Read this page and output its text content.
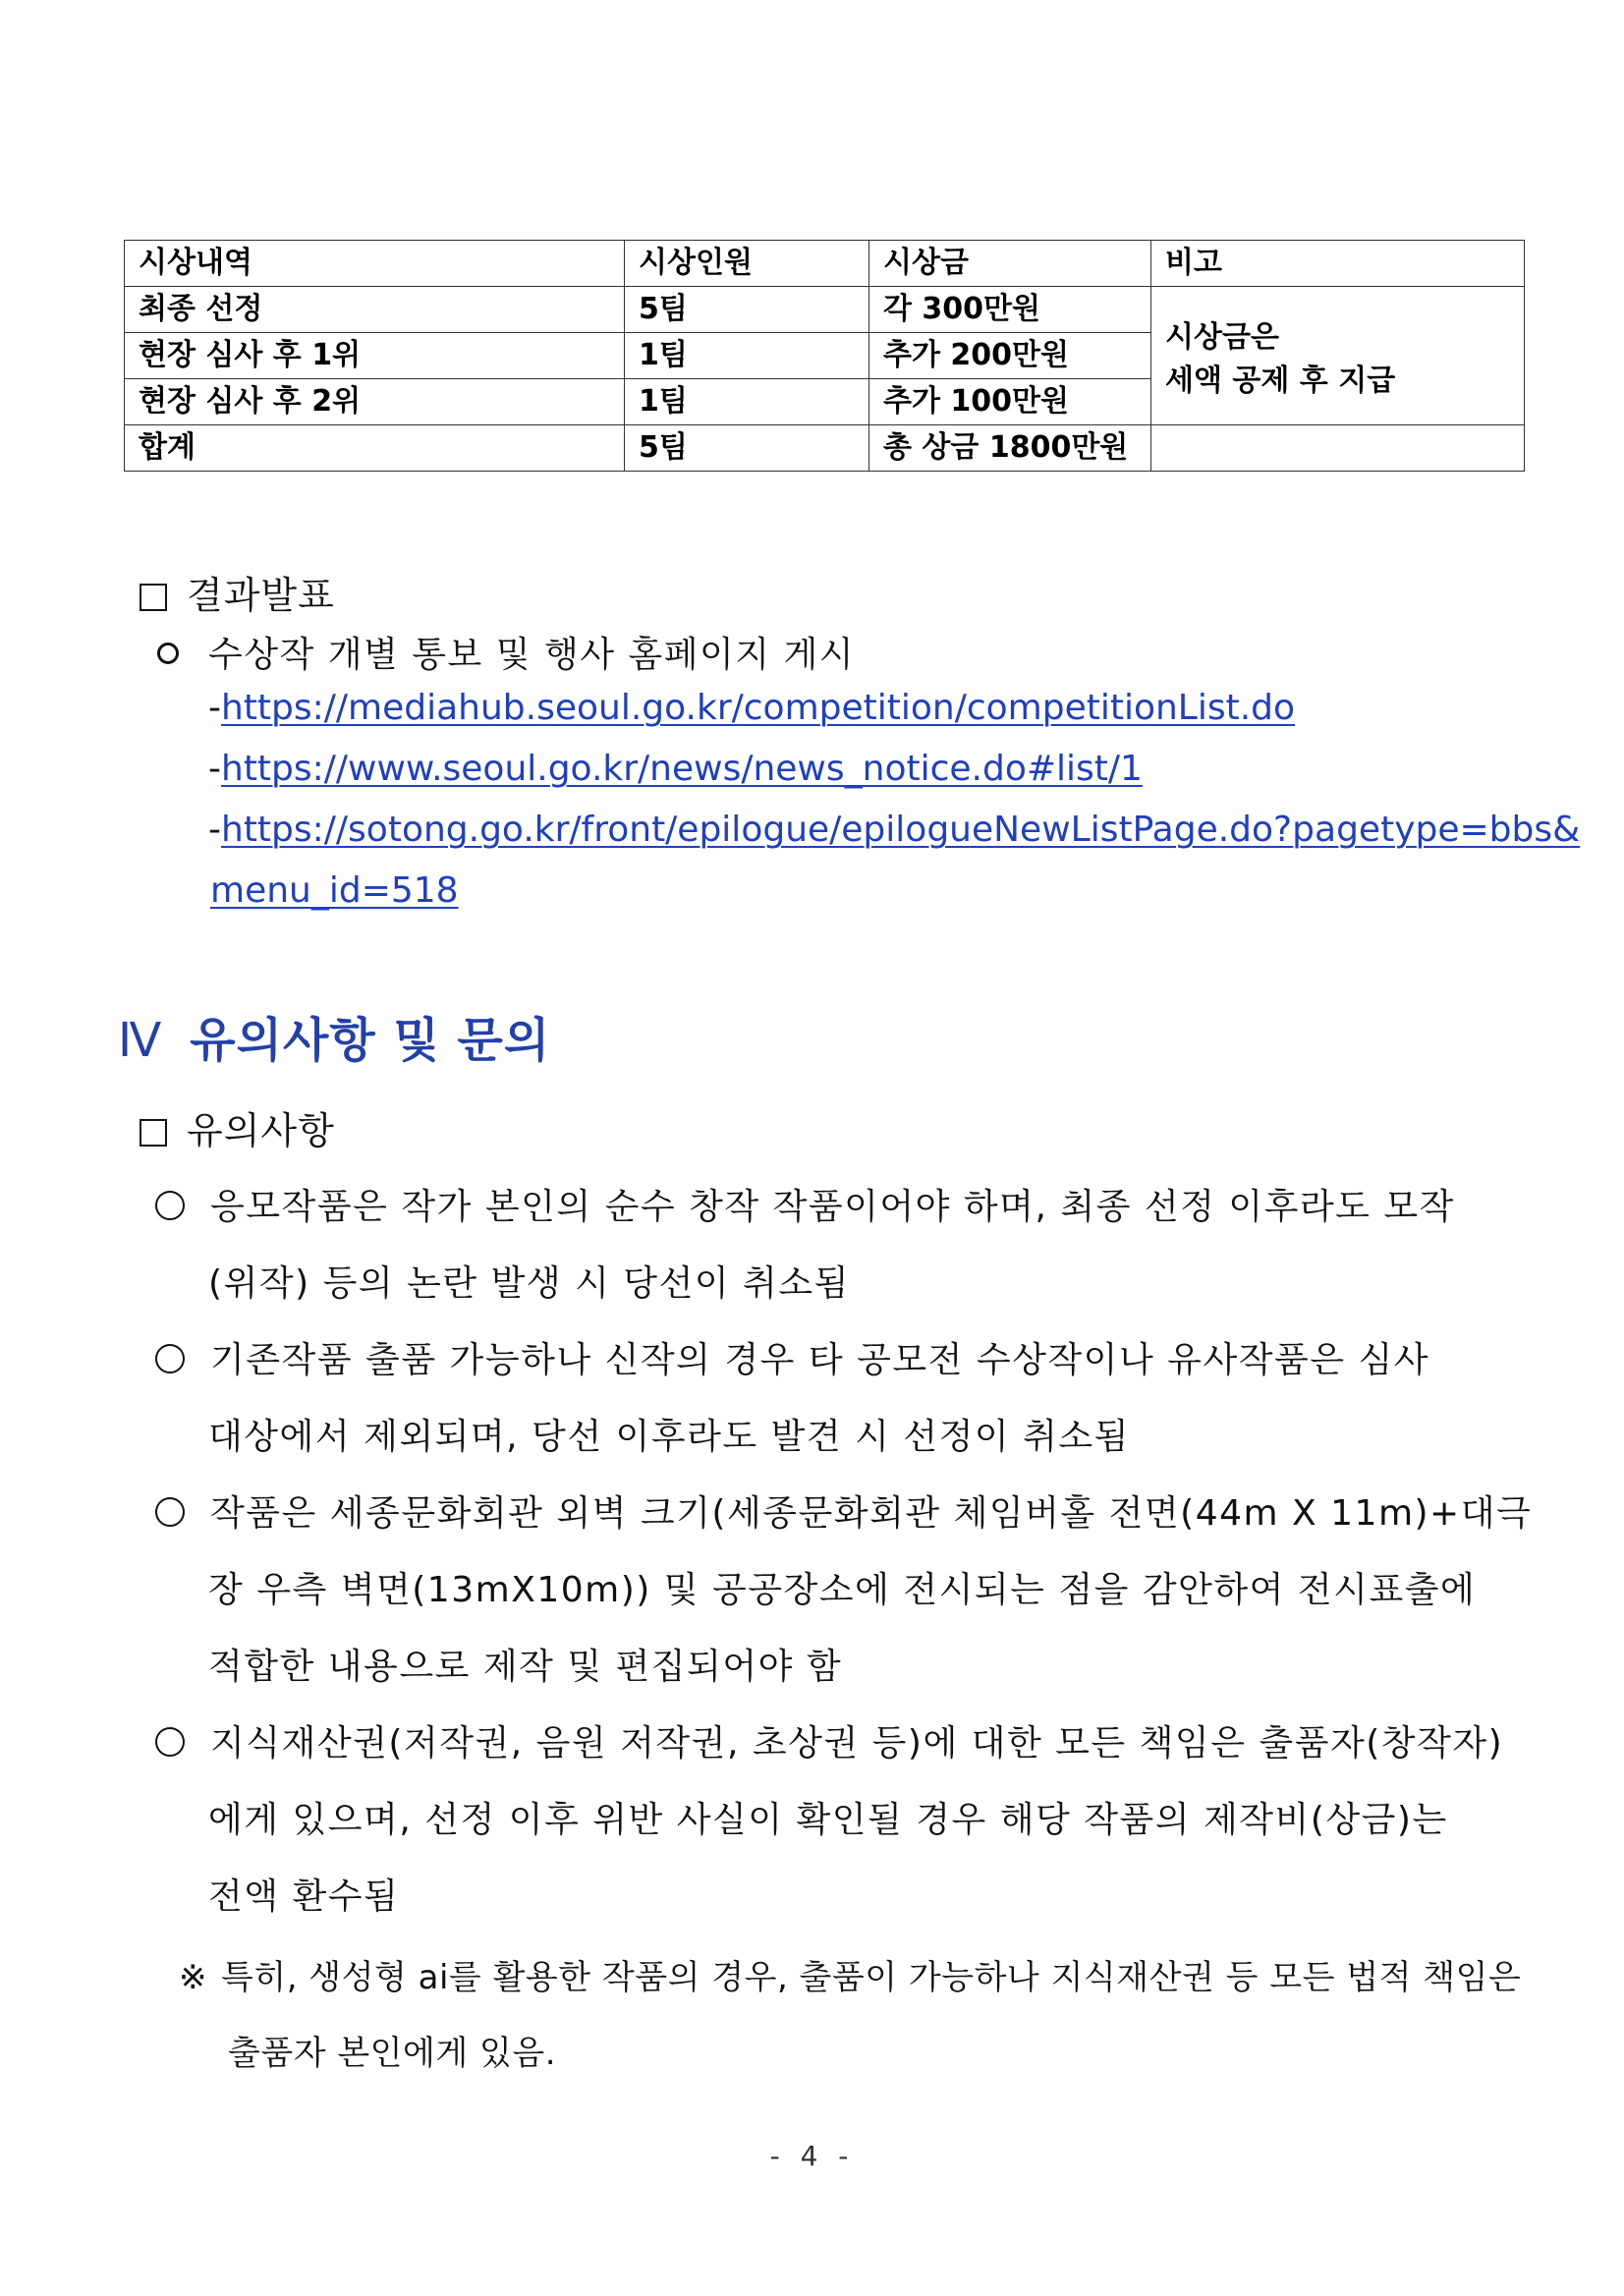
시상내역	시상인원	시상금	비고
최종 선정	5팀	각 300만원	시상금은
세액 공제 후 지급

현장 심사 후 1위	1팀	추가 200만원	
현장 심사 후 2위	1팀	추가 100만원	
합계	5팀	총 상금 1800만원	
결과발표
수상작 개별 통보 및 행사 홈페이지 게시
-https://mediahub.seoul.go.kr/competition/competitionList.do
-https://www.seoul.go.kr/news/news_notice.do#list/1
-https://sotong.go.kr/front/epilogue/epilogueNewListPage.do?pagetype=bbs&
menu_id=518
Ⅳ 유의사항 및 문의
유의사항
응모작품은 작가 본인의 순수 창작 작품이어야 하며, 최종 선정 이후라도 모작
(위작) 등의 논란 발생 시 당선이 취소됨
기존작품 출품 가능하나 신작의 경우 타 공모전 수상작이나 유사작품은 심사
대상에서 제외되며, 당선 이후라도 발견 시 선정이 취소됨
작품은 세종문화회관 외벽 크기(세종문화회관 체임버홀 전면(44m X 11m)+대극
장 우측 벽면(13mX10m)) 및 공공장소에 전시되는 점을 감안하여 전시표출에
적합한 내용으로 제작 및 편집되어야 함
지식재산권(저작권, 음원 저작권, 초상권 등)에 대한 모든 책임은 출품자(창작자)
에게 있으며, 선정 이후 위반 사실이 확인될 경우 해당 작품의 제작비(상금)는
전액 환수됨
※ 특히, 생성형 ai를 활용한 작품의 경우, 출품이 가능하나 지식재산권 등 모든 법적 책임은
출품자 본인에게 있음.
- 4 -
